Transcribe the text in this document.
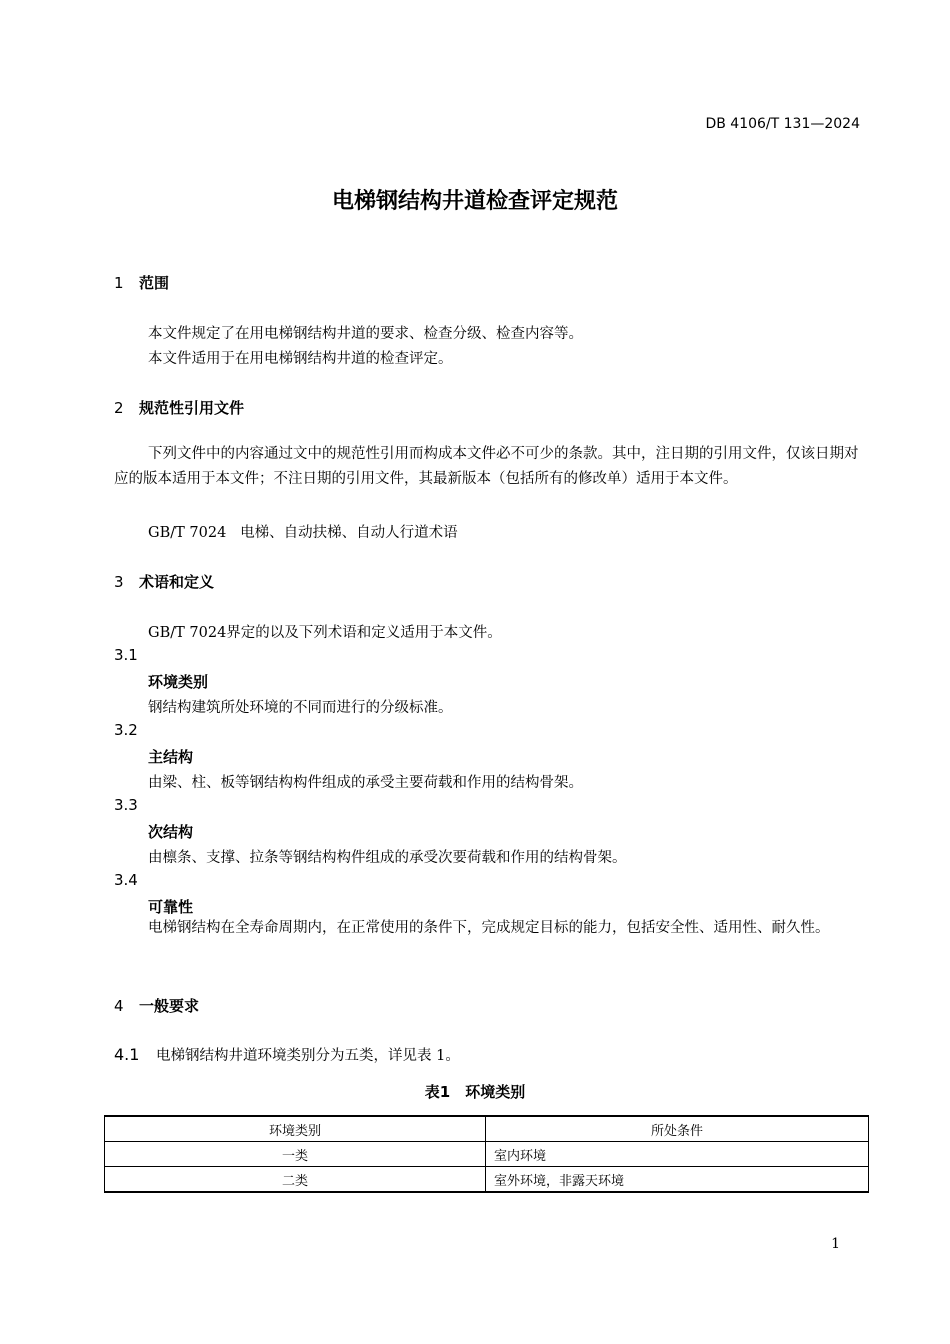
DB 4106/T 131—2024
电梯钢结构井道检查评定规范
1 范围
本文件规定了在用电梯钢结构井道的要求、检查分级、检查内容等。
本文件适用于在用电梯钢结构井道的检查评定。
2 规范性引用文件
下列文件中的内容通过文中的规范性引用而构成本文件必不可少的条款。其中，注日期的引用文件，仅该日期对应的版本适用于本文件；不注日期的引用文件，其最新版本（包括所有的修改单）适用于本文件。
GB/T 7024 电梯、自动扶梯、自动人行道术语
3 术语和定义
GB/T 7024界定的以及下列术语和定义适用于本文件。
3.1
环境类别
钢结构建筑所处环境的不同而进行的分级标准。
3.2
主结构
由梁、柱、板等钢结构构件组成的承受主要荷载和作用的结构骨架。
3.3
次结构
由檩条、支撑、拉条等钢结构构件组成的承受次要荷载和作用的结构骨架。
3.4
可靠性
电梯钢结构在全寿命周期内，在正常使用的条件下，完成规定目标的能力，包括安全性、适用性、耐久性。
4 一般要求
4.1 电梯钢结构井道环境类别分为五类，详见表 1。
表1　环境类别
环境类别	所处条件
一类	室内环境
二类	室外环境，非露天环境
1
